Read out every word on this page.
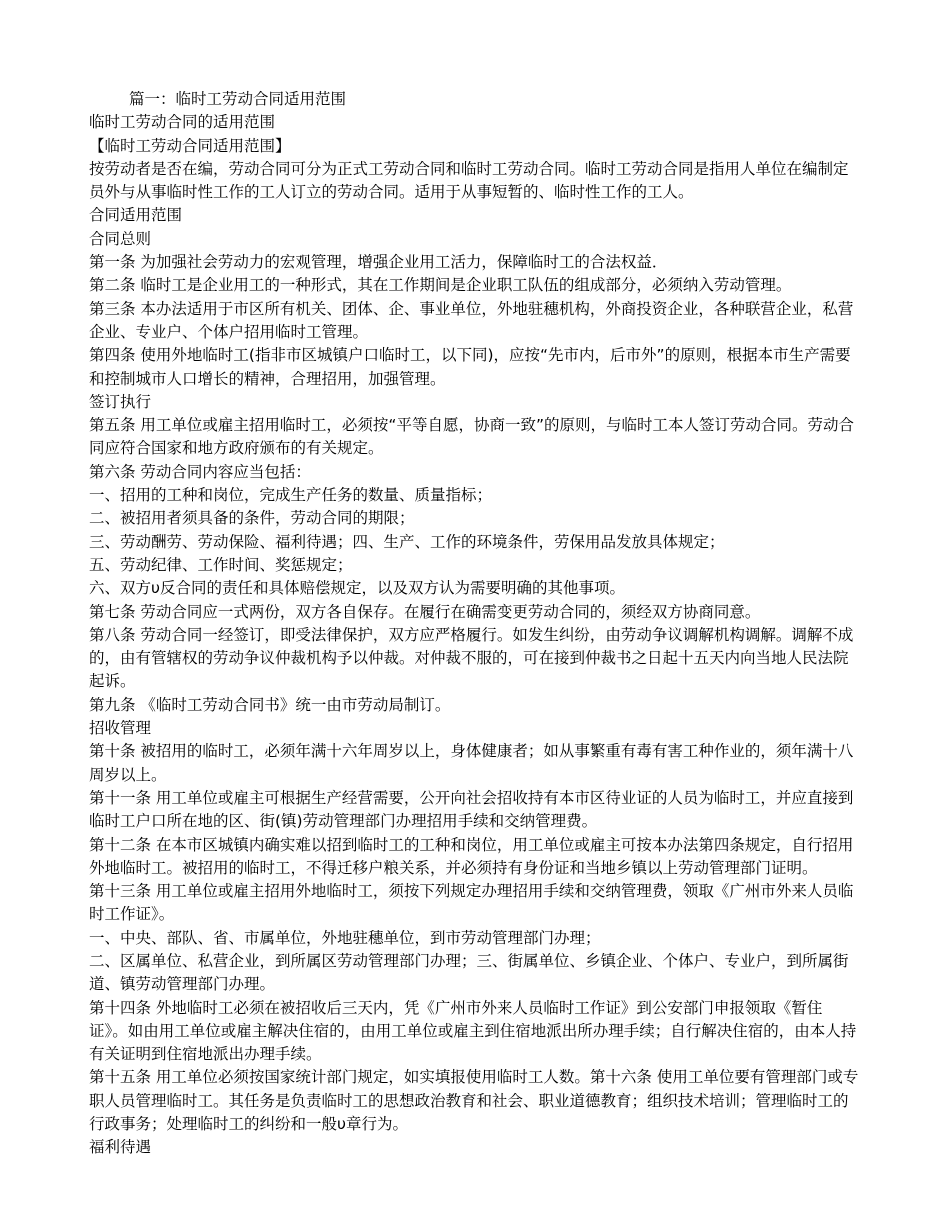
篇一：临时工劳动合同适用范围

临时工劳动合同的适用范围

【临时工劳动合同适用范围】

按劳动者是否在编，劳动合同可分为正式工劳动合同和临时工劳动合同。临时工劳动合同是指用人单位在编制定员外与从事临时性工作的工人订立的劳动合同。适用于从事短暂的、临时性工作的工人。

合同适用范围

合同总则

第一条 为加强社会劳动力的宏观管理，增强企业用工活力，保障临时工的合法权益．

第二条 临时工是企业用工的一种形式，其在工作期间是企业职工队伍的组成部分，必须纳入劳动管理。

第三条 本办法适用于市区所有机关、团体、企、事业单位，外地驻穗机构，外商投资企业，各种联营企业，私营企业、专业户、个体户招用临时工管理。

第四条 使用外地临时工(指非市区城镇户口临时工，以下同)，应按“先市内，后市外”的原则，根据本市生产需要和控制城市人口增长的精神，合理招用，加强管理。

签订执行

第五条 用工单位或雇主招用临时工，必须按“平等自愿，协商一致”的原则，与临时工本人签订劳动合同。劳动合同应符合国家和地方政府颁布的有关规定。

第六条 劳动合同内容应当包括：

一、招用的工种和岗位，完成生产任务的数量、质量指标；

二、被招用者须具备的条件，劳动合同的期限；

三、劳动酬劳、劳动保险、福利待遇；四、生产、工作的环境条件，劳保用品发放具体规定；

五、劳动纪律、工作时间、奖惩规定；

六、双方υ反合同的责任和具体赔偿规定，以及双方认为需要明确的其他事项。

第七条 劳动合同应一式两份，双方各自保存。在履行在确需变更劳动合同的，须经双方协商同意。

第八条 劳动合同一经签订，即受法律保护，双方应严格履行。如发生纠纷，由劳动争议调解机构调解。调解不成的，由有管辖权的劳动争议仲裁机构予以仲裁。对仲裁不服的，可在接到仲裁书之日起十五天内向当地人民法院起诉。

第九条 《临时工劳动合同书》统一由市劳动局制订。

招收管理

第十条 被招用的临时工，必须年满十六年周岁以上，身体健康者；如从事繁重有毒有害工种作业的，须年满十八周岁以上。

第十一条 用工单位或雇主可根据生产经营需要，公开向社会招收持有本市区待业证的人员为临时工，并应直接到临时工户口所在地的区、街(镇)劳动管理部门办理招用手续和交纳管理费。

第十二条 在本市区城镇内确实难以招到临时工的工种和岗位，用工单位或雇主可按本办法第四条规定，自行招用外地临时工。被招用的临时工，不得迁移户粮关系，并必须持有身份证和当地乡镇以上劳动管理部门证明。

第十三条 用工单位或雇主招用外地临时工，须按下列规定办理招用手续和交纳管理费，领取《广州市外来人员临时工作证》。

一、中央、部队、省、市属单位，外地驻穗单位，到市劳动管理部门办理；

二、区属单位、私营企业，到所属区劳动管理部门办理；三、街属单位、乡镇企业、个体户、专业户，到所属街道、镇劳动管理部门办理。

第十四条 外地临时工必须在被招收后三天内，凭《广州市外来人员临时工作证》到公安部门申报领取《暂住证》。如由用工单位或雇主解决住宿的，由用工单位或雇主到住宿地派出所办理手续；自行解决住宿的，由本人持有关证明到住宿地派出办理手续。

第十五条 用工单位必须按国家统计部门规定，如实填报使用临时工人数。第十六条 使用工单位要有管理部门或专职人员管理临时工。其任务是负责临时工的思想政治教育和社会、职业道德教育；组织技术培训；管理临时工的行政事务；处理临时工的纠纷和一般υ章行为。

福利待遇
